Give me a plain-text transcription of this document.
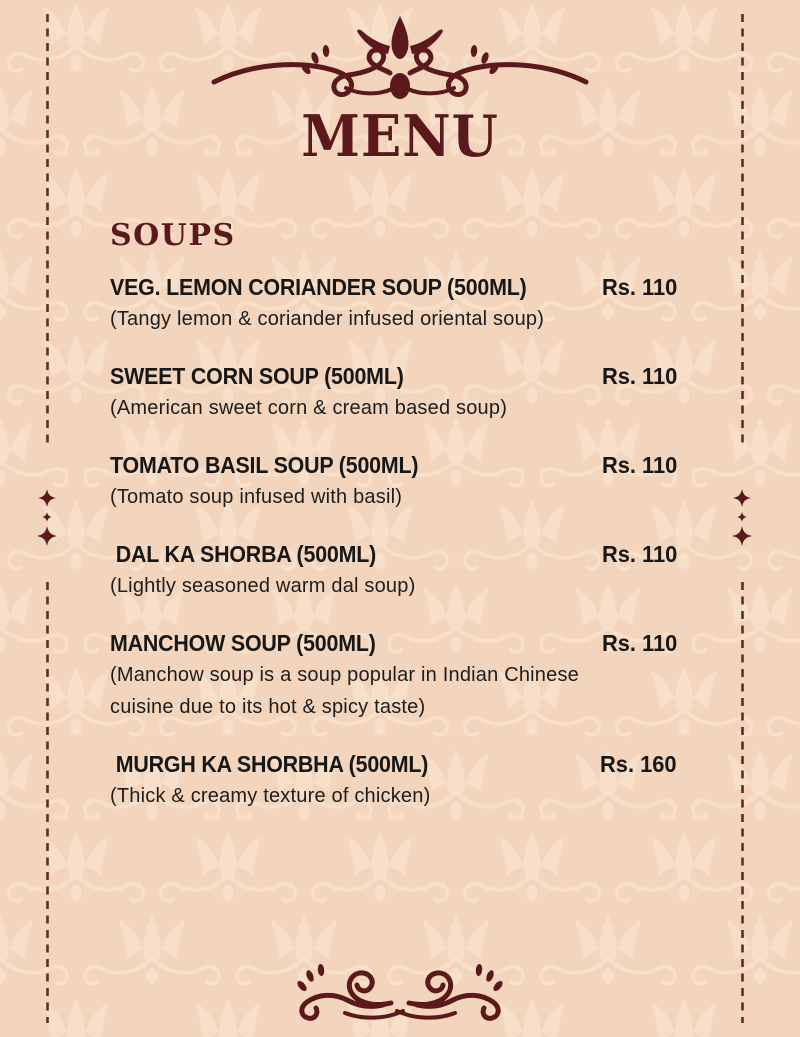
MENU
SOUPS
VEG. LEMON CORIANDER SOUP (500ML)	Rs. 110
(Tangy lemon & coriander infused oriental soup)
SWEET CORN SOUP (500ML)	Rs. 110
(American sweet corn & cream based soup)
TOMATO BASIL SOUP (500ML)	Rs. 110
(Tomato soup infused with basil)
DAL KA SHORBA (500ML)	Rs. 110
(Lightly seasoned warm dal soup)
MANCHOW SOUP (500ML)	Rs. 110
(Manchow soup is a soup popular in Indian Chinese cuisine due to its hot & spicy taste)
MURGH KA SHORBHA (500ML)	Rs. 160
(Thick & creamy texture of chicken)
